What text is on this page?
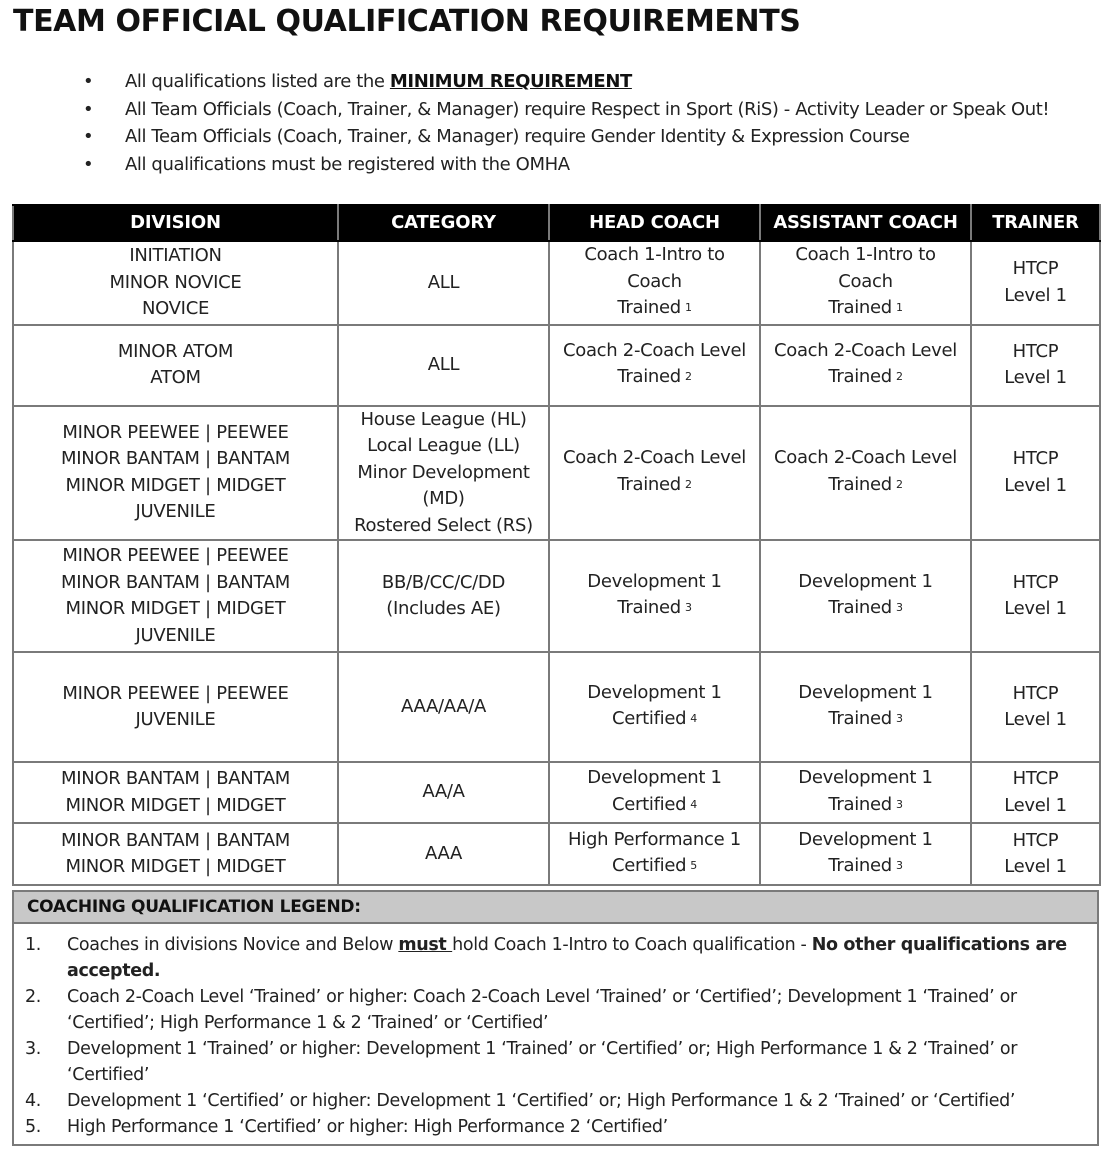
TEAM OFFICIAL QUALIFICATION REQUIREMENTS
• All qualifications listed are the MINIMUM REQUIREMENT
• All Team Officials (Coach, Trainer, & Manager) require Respect in Sport (RiS) - Activity Leader or Speak Out!
• All Team Officials (Coach, Trainer, & Manager) require Gender Identity & Expression Course
• All qualifications must be registered with the OMHA
DIVISION	CATEGORY	HEAD COACH	ASSISTANT COACH	TRAINER

INITIATION
MINOR NOVICE
NOVICE	ALL	Coach 1-Intro to
Coach
Trained $^1$	Coach 1-Intro to
Coach
Trained $^1$	HTCP
Level 1

MINOR ATOM
ATOM	ALL	Coach 2-Coach Level
Trained $^2$	Coach 2-Coach Level
Trained $^2$	HTCP
Level 1

MINOR PEEWEE | PEEWEE
MINOR BANTAM | BANTAM
MINOR MIDGET | MIDGET
JUVENILE	House League (HL)
Local League (LL)
Minor Development
(MD)
Rostered Select (RS)	Coach 2-Coach Level
Trained $^2$	Coach 2-Coach Level
Trained $^2$	HTCP
Level 1

MINOR PEEWEE | PEEWEE
MINOR BANTAM | BANTAM
MINOR MIDGET | MIDGET
JUVENILE	BB/B/CC/C/DD
(Includes AE)	Development 1
Trained $^3$	Development 1
Trained $^3$	HTCP
Level 1

MINOR PEEWEE | PEEWEE
JUVENILE	AAA/AA/A	Development 1
Certified $^4$	Development 1
Trained $^3$	HTCP
Level 1

MINOR BANTAM | BANTAM
MINOR MIDGET | MIDGET	AA/A	Development 1
Certified $^4$	Development 1
Trained $^3$	HTCP
Level 1

MINOR BANTAM | BANTAM
MINOR MIDGET | MIDGET	AAA	High Performance 1
Certified $^5$	Development 1
Trained $^3$	HTCP
Level 1
COACHING QUALIFICATION LEGEND:
1. Coaches in divisions Novice and Below must hold Coach 1-Intro to Coach qualification - No other qualifications are accepted.
2. Coach 2-Coach Level ‘Trained’ or higher: Coach 2-Coach Level ‘Trained’ or ‘Certified’; Development 1 ‘Trained’ or ‘Certified’; High Performance 1 & 2 ‘Trained’ or ‘Certified’
3. Development 1 ‘Trained’ or higher: Development 1 ‘Trained’ or ‘Certified’ or; High Performance 1 & 2 ‘Trained’ or ‘Certified’
4. Development 1 ‘Certified’ or higher: Development 1 ‘Certified’ or; High Performance 1 & 2 ‘Trained’ or ‘Certified’
5. High Performance 1 ‘Certified’ or higher: High Performance 2 ‘Certified’
